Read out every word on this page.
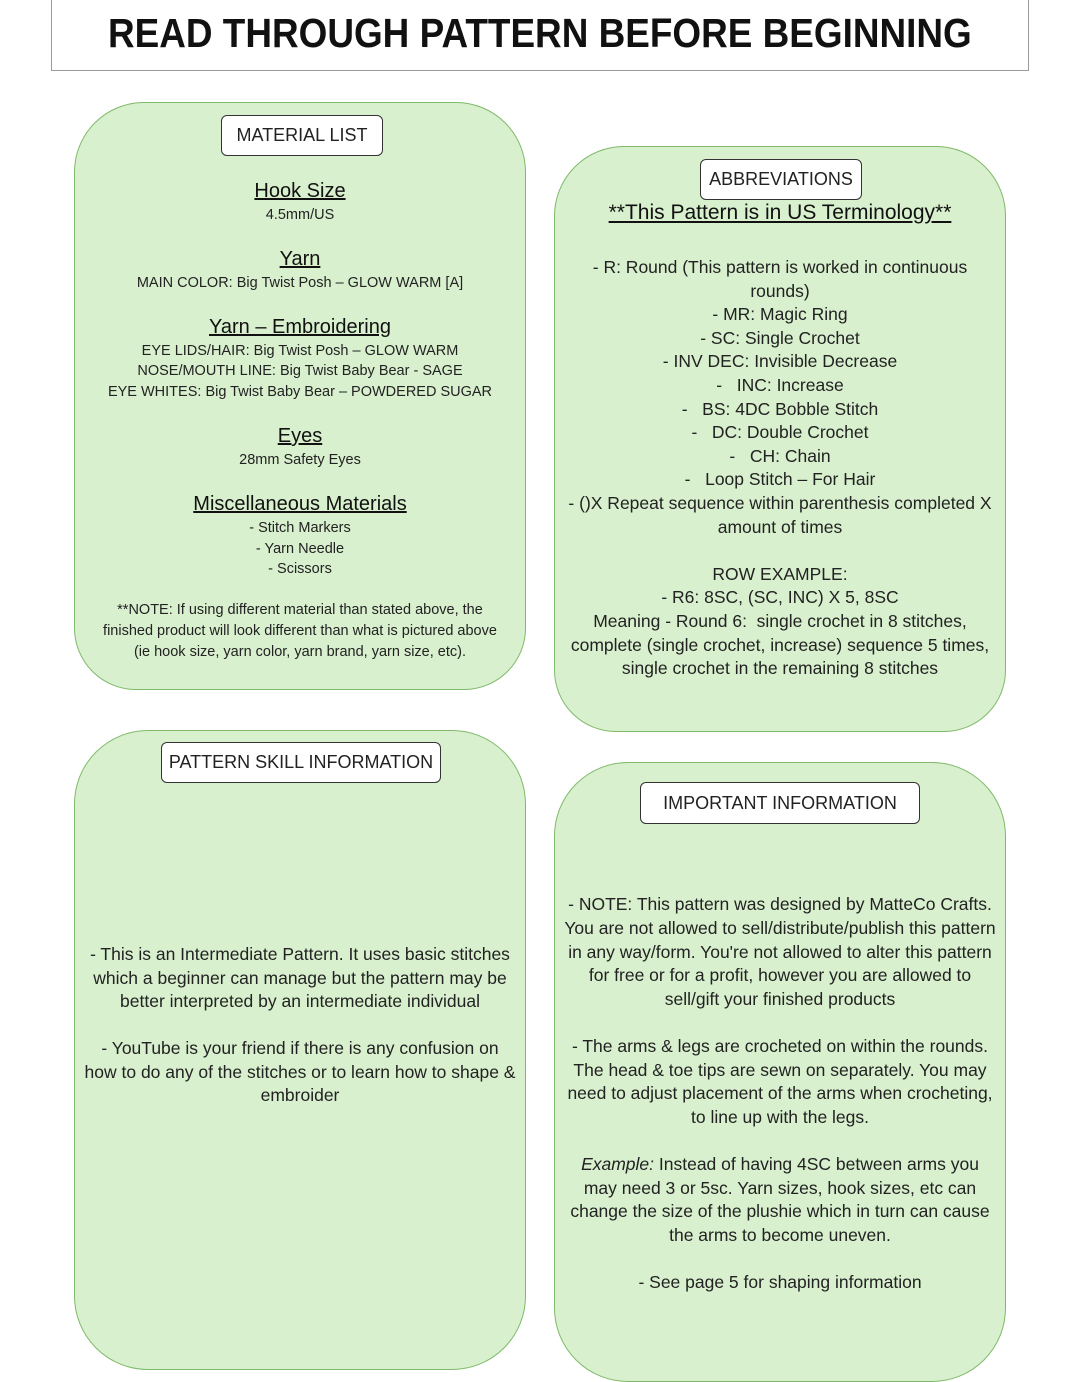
READ THROUGH PATTERN BEFORE BEGINNING
MATERIAL LIST
Hook Size
4.5mm/US
Yarn
MAIN COLOR: Big Twist Posh – GLOW WARM [A]
Yarn – Embroidering
EYE LIDS/HAIR: Big Twist Posh – GLOW WARM
NOSE/MOUTH LINE: Big Twist Baby Bear - SAGE
EYE WHITES: Big Twist Baby Bear – POWDERED SUGAR
Eyes
28mm Safety Eyes
Miscellaneous Materials
- Stitch Markers
- Yarn Needle
- Scissors
**NOTE: If using different material than stated above, the
finished product will look different than what is pictured above
(ie hook size, yarn color, yarn brand, yarn size, etc).
ABBREVIATIONS
**This Pattern is in US Terminology**
- R: Round (This pattern is worked in continuous
rounds)
- MR: Magic Ring
- SC: Single Crochet
- INV DEC: Invisible Decrease
-   INC: Increase
-   BS: 4DC Bobble Stitch
-   DC: Double Crochet
-   CH: Chain
-   Loop Stitch – For Hair
- ()X Repeat sequence within parenthesis completed X
amount of times
ROW EXAMPLE:
- R6: 8SC, (SC, INC) X 5, 8SC
Meaning - Round 6:  single crochet in 8 stitches,
complete (single crochet, increase) sequence 5 times,
single crochet in the remaining 8 stitches
PATTERN SKILL INFORMATION
- This is an Intermediate Pattern. It uses basic stitches
which a beginner can manage but the pattern may be
better interpreted by an intermediate individual
- YouTube is your friend if there is any confusion on
how to do any of the stitches or to learn how to shape &
embroider
IMPORTANT INFORMATION
- NOTE: This pattern was designed by MatteCo Crafts.
You are not allowed to sell/distribute/publish this pattern
in any way/form. You're not allowed to alter this pattern
for free or for a profit, however you are allowed to
sell/gift your finished products
- The arms & legs are crocheted on within the rounds.
The head & toe tips are sewn on separately. You may
need to adjust placement of the arms when crocheting,
to line up with the legs.
Example: Instead of having 4SC between arms you
may need 3 or 5sc. Yarn sizes, hook sizes, etc can
change the size of the plushie which in turn can cause
the arms to become uneven.
- See page 5 for shaping information
